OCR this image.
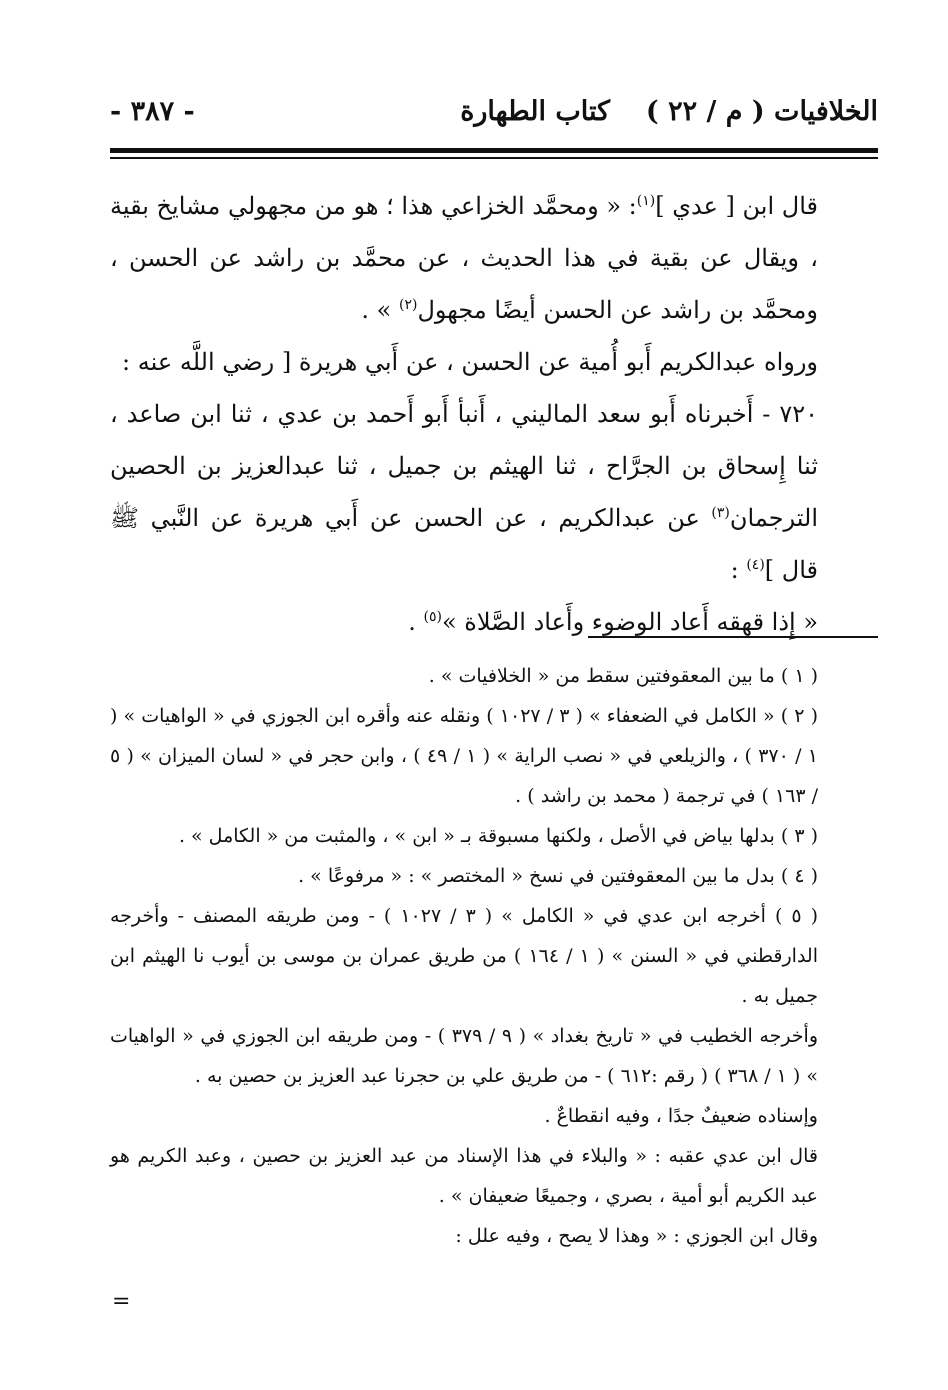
الخلافيات ( م / ٢٢ )
كتاب الطهارة
- ٣٨٧ -

قال ابن [ عدي ]$^{(١)}$: « ومحمَّد الخزاعي هذا ؛ هو من مجهولي مشايخ بقية ، ويقال عن بقية في هذا الحديث ، عن محمَّد بن راشد عن الحسن ، ومحمَّد بن راشد عن الحسن أيضًا مجهول$^{(٢)}$ » .

ورواه عبدالكريم أَبو أُمية عن الحسن ، عن أَبي هريرة [ رضي اللَّه عنه :

٧٢٠ - أَخبرناه أَبو سعد الماليني ، أَنبأ أَبو أَحمد بن عدي ، ثنا ابن صاعد ، ثنا إِسحاق بن الجرَّاح ، ثنا الهيثم بن جميل ، ثنا عبدالعزيز بن الحصين الترجمان$^{(٣)}$ عن عبدالكريم ، عن الحسن عن أَبي هريرة عن النَّبي ﷺ قال ]$^{(٤)}$ :

« إِذا قهقه أَعاد الوضوء وأَعاد الصَّلاة »$^{(٥)}$ .

( ١ ) ما بين المعقوفتين سقط من « الخلافيات » .

( ٢ ) « الكامل في الضعفاء » ( ٣ / ١٠٢٧ ) ونقله عنه وأقره ابن الجوزي في « الواهيات » ( ١ / ٣٧٠ ) ، والزيلعي في « نصب الراية » ( ١ / ٤٩ ) ، وابن حجر في « لسان الميزان » ( ٥ / ١٦٣ ) في ترجمة ( محمد بن راشد ) .

( ٣ ) بدلها بياض في الأصل ، ولكنها مسبوقة بـ « ابن » ، والمثبت من « الكامل » .

( ٤ ) بدل ما بين المعقوفتين في نسخ « المختصر » : « مرفوعًا » .

( ٥ ) أخرجه ابن عدي في « الكامل » ( ٣ / ١٠٢٧ ) - ومن طريقه المصنف - وأخرجه الدارقطني في « السنن » ( ١ / ١٦٤ ) من طريق عمران بن موسى بن أيوب نا الهيثم ابن جميل به .

وأخرجه الخطيب في « تاريخ بغداد » ( ٩ / ٣٧٩ ) - ومن طريقه ابن الجوزي في « الواهيات » ( ١ / ٣٦٨ ) ( رقم :٦١٢ ) - من طريق علي بن حجرنا عبد العزيز بن حصين به .

وإسناده ضعيفٌ جدًا ، وفيه انقطاعٌ .

قال ابن عدي عقبه : « والبلاء في هذا الإسناد من عبد العزيز بن حصين ، وعبد الكريم هو عبد الكريم أبو أمية ، بصري ، وجميعًا ضعيفان » .

وقال ابن الجوزي : « وهذا لا يصح ، وفيه علل :

=
